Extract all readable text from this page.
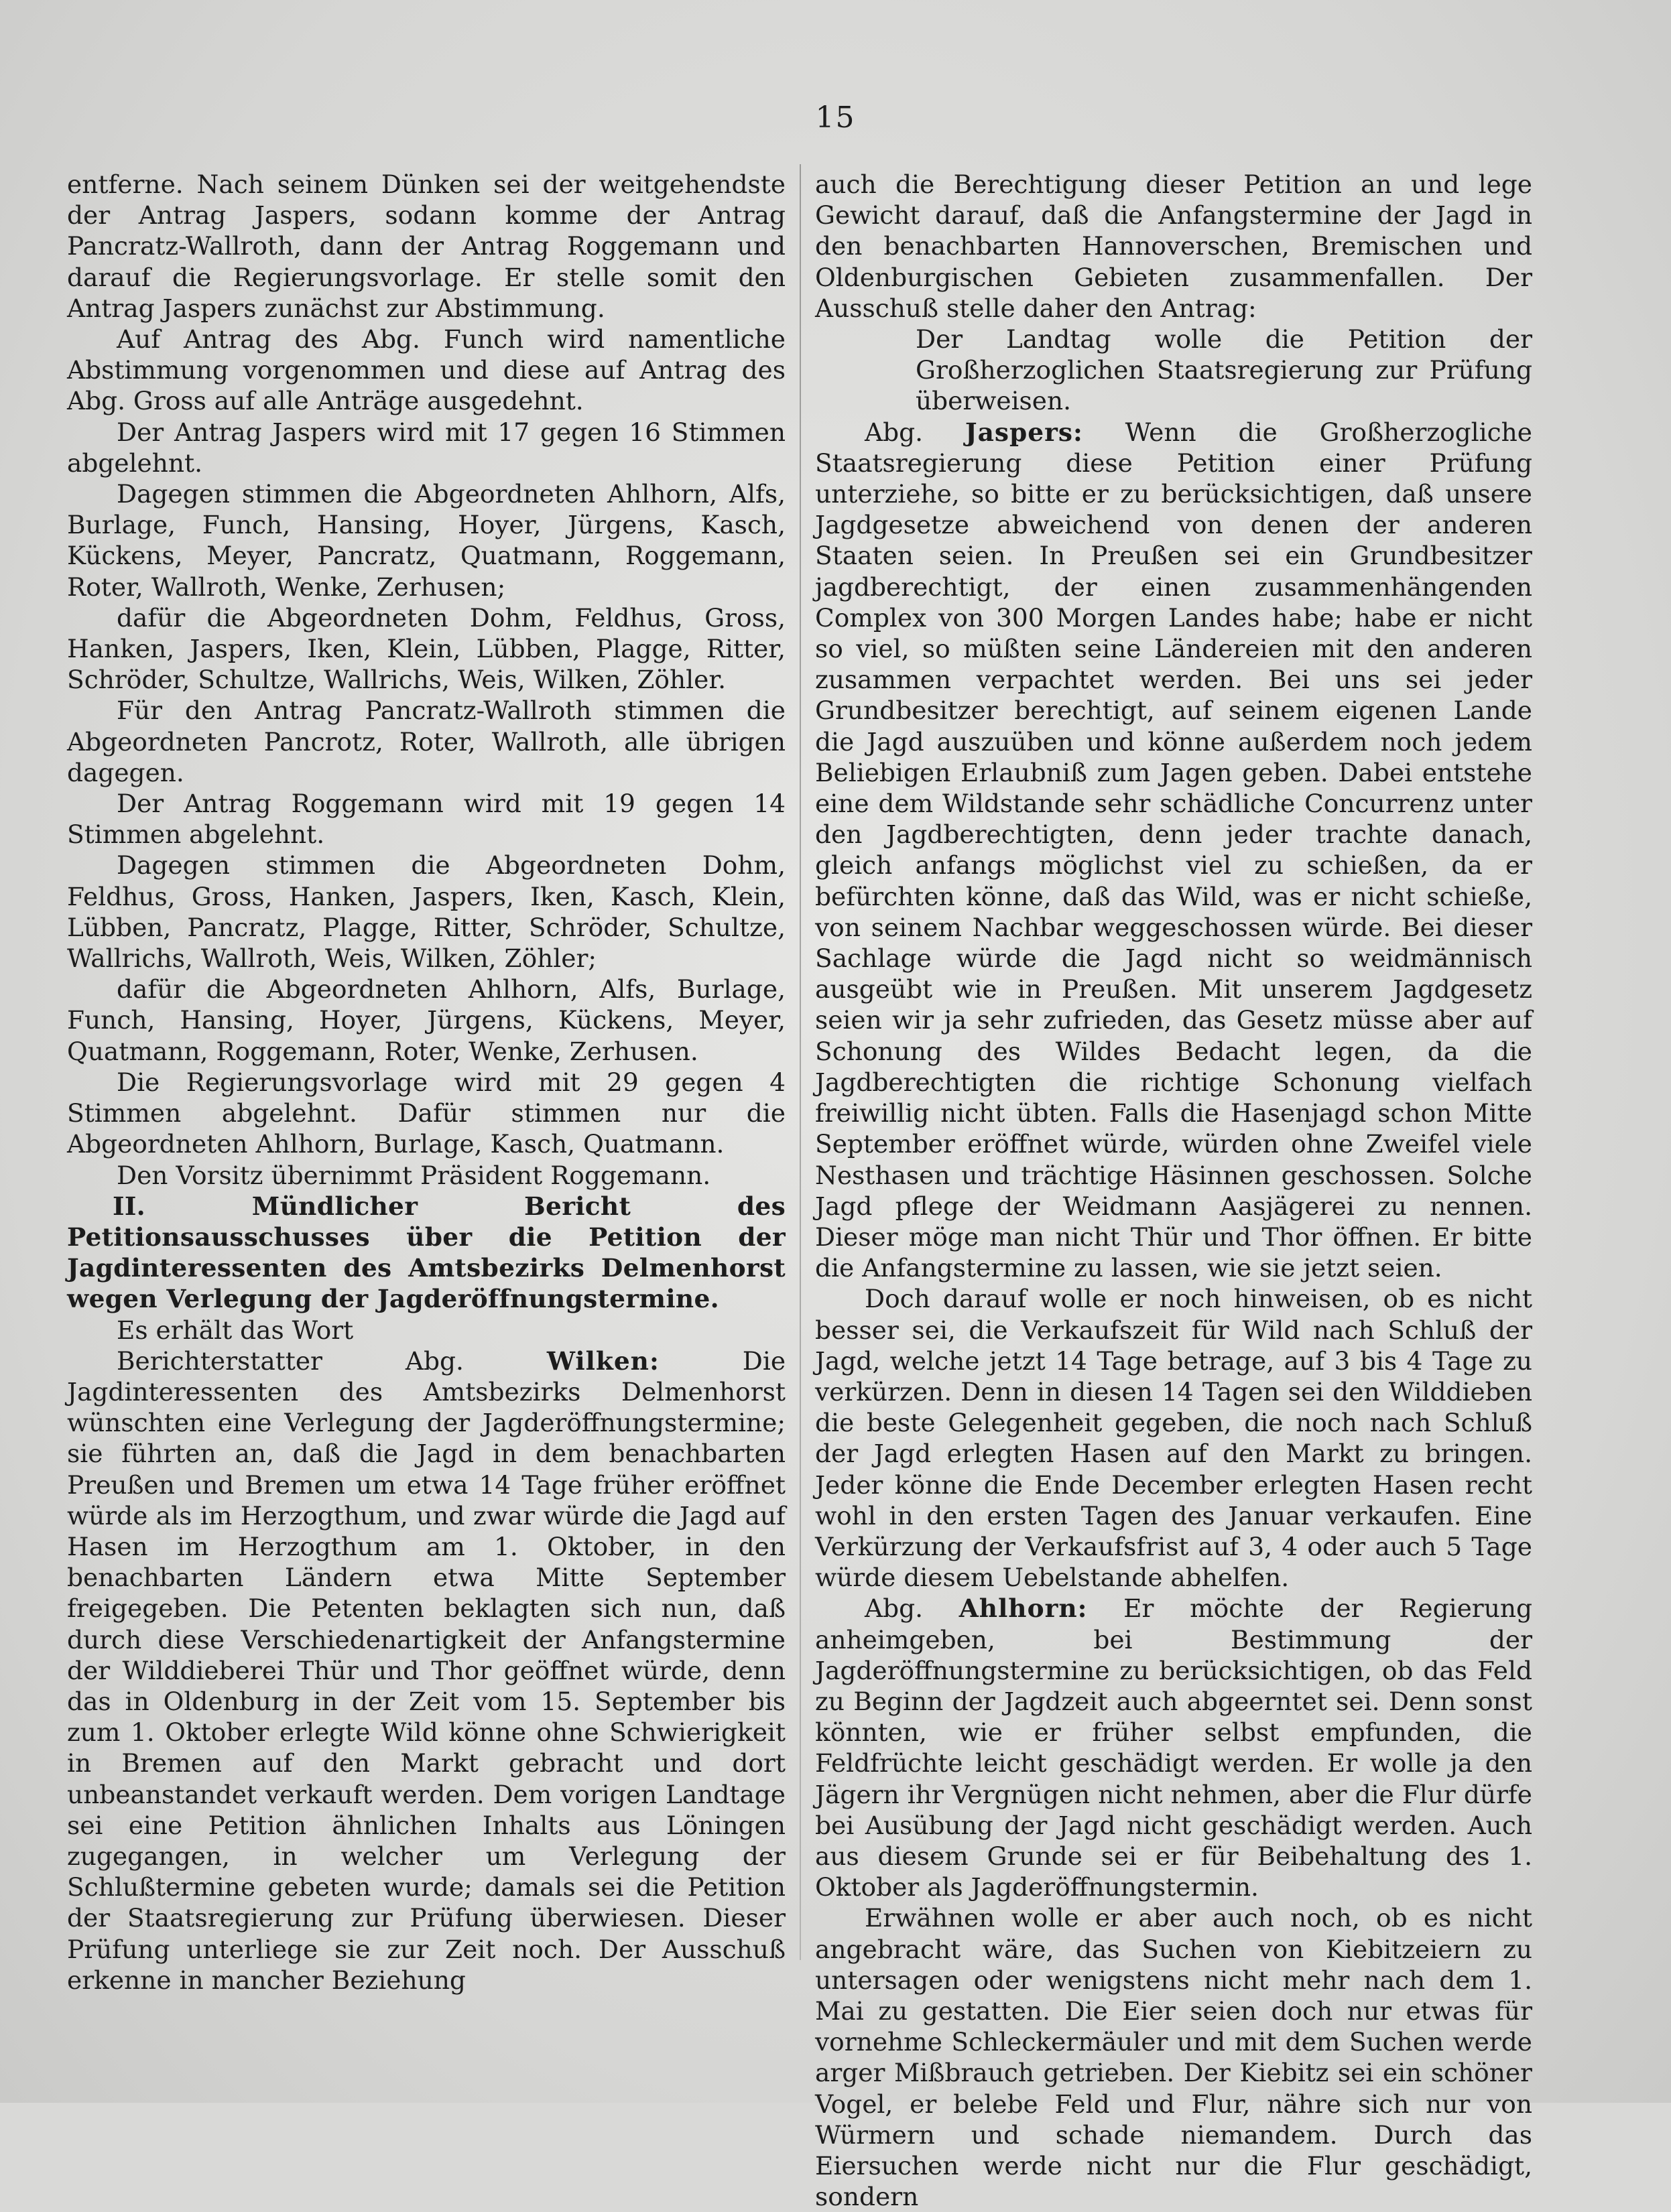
15

entferne. Nach seinem Dünken sei der weitgehendste der Antrag Jaspers, sodann komme der Antrag Pancratz-Wallroth, dann der Antrag Roggemann und darauf die Regierungsvorlage. Er stelle somit den Antrag Jaspers zunächst zur Abstimmung.

Auf Antrag des Abg. Funch wird namentliche Abstimmung vorgenommen und diese auf Antrag des Abg. Gross auf alle Anträge ausgedehnt.

Der Antrag Jaspers wird mit 17 gegen 16 Stimmen abgelehnt.

Dagegen stimmen die Abgeordneten Ahlhorn, Alfs, Burlage, Funch, Hansing, Hoyer, Jürgens, Kasch, Kückens, Meyer, Pancratz, Quatmann, Roggemann, Roter, Wallroth, Wenke, Zerhusen;

dafür die Abgeordneten Dohm, Feldhus, Gross, Hanken, Jaspers, Iken, Klein, Lübben, Plagge, Ritter, Schröder, Schultze, Wallrichs, Weis, Wilken, Zöhler.

Für den Antrag Pancratz-Wallroth stimmen die Abgeordneten Pancrotz, Roter, Wallroth, alle übrigen dagegen.

Der Antrag Roggemann wird mit 19 gegen 14 Stimmen abgelehnt.

Dagegen stimmen die Abgeordneten Dohm, Feldhus, Gross, Hanken, Jaspers, Iken, Kasch, Klein, Lübben, Pancratz, Plagge, Ritter, Schröder, Schultze, Wallrichs, Wallroth, Weis, Wilken, Zöhler;

dafür die Abgeordneten Ahlhorn, Alfs, Burlage, Funch, Hansing, Hoyer, Jürgens, Kückens, Meyer, Quatmann, Roggemann, Roter, Wenke, Zerhusen.

Die Regierungsvorlage wird mit 29 gegen 4 Stimmen abgelehnt. Dafür stimmen nur die Abgeordneten Ahlhorn, Burlage, Kasch, Quatmann.

Den Vorsitz übernimmt Präsident Roggemann.

II. Mündlicher Bericht des Petitionsausschusses über die Petition der Jagdinteressenten des Amtsbezirks Delmenhorst wegen Verlegung der Jagderöffnungstermine.

Es erhält das Wort

Berichterstatter Abg. Wilken: Die Jagdinteressenten des Amtsbezirks Delmenhorst wünschten eine Verlegung der Jagderöffnungstermine; sie führten an, daß die Jagd in dem benachbarten Preußen und Bremen um etwa 14 Tage früher eröffnet würde als im Herzogthum, und zwar würde die Jagd auf Hasen im Herzogthum am 1. Oktober, in den benachbarten Ländern etwa Mitte September freigegeben. Die Petenten beklagten sich nun, daß durch diese Verschiedenartigkeit der Anfangstermine der Wilddieberei Thür und Thor geöffnet würde, denn das in Oldenburg in der Zeit vom 15. September bis zum 1. Oktober erlegte Wild könne ohne Schwierigkeit in Bremen auf den Markt gebracht und dort unbeanstandet verkauft werden. Dem vorigen Landtage sei eine Petition ähnlichen Inhalts aus Löningen zugegangen, in welcher um Verlegung der Schlußtermine gebeten wurde; damals sei die Petition der Staatsregierung zur Prüfung überwiesen. Dieser Prüfung unterliege sie zur Zeit noch. Der Ausschuß erkenne in mancher Beziehung

auch die Berechtigung dieser Petition an und lege Gewicht darauf, daß die Anfangstermine der Jagd in den benachbarten Hannoverschen, Bremischen und Oldenburgischen Gebieten zusammenfallen. Der Ausschuß stelle daher den Antrag:

Der Landtag wolle die Petition der Großherzoglichen Staatsregierung zur Prüfung überweisen.

Abg. Jaspers: Wenn die Großherzogliche Staatsregierung diese Petition einer Prüfung unterziehe, so bitte er zu berücksichtigen, daß unsere Jagdgesetze abweichend von denen der anderen Staaten seien. In Preußen sei ein Grundbesitzer jagdberechtigt, der einen zusammenhängenden Complex von 300 Morgen Landes habe; habe er nicht so viel, so müßten seine Ländereien mit den anderen zusammen verpachtet werden. Bei uns sei jeder Grundbesitzer berechtigt, auf seinem eigenen Lande die Jagd auszuüben und könne außerdem noch jedem Beliebigen Erlaubniß zum Jagen geben. Dabei entstehe eine dem Wildstande sehr schädliche Concurrenz unter den Jagdberechtigten, denn jeder trachte danach, gleich anfangs möglichst viel zu schießen, da er befürchten könne, daß das Wild, was er nicht schieße, von seinem Nachbar weggeschossen würde. Bei dieser Sachlage würde die Jagd nicht so weidmännisch ausgeübt wie in Preußen. Mit unserem Jagdgesetz seien wir ja sehr zufrieden, das Gesetz müsse aber auf Schonung des Wildes Bedacht legen, da die Jagdberechtigten die richtige Schonung vielfach freiwillig nicht übten. Falls die Hasenjagd schon Mitte September eröffnet würde, würden ohne Zweifel viele Nesthasen und trächtige Häsinnen geschossen. Solche Jagd pflege der Weidmann Aasjägerei zu nennen. Dieser möge man nicht Thür und Thor öffnen. Er bitte die Anfangstermine zu lassen, wie sie jetzt seien.

Doch darauf wolle er noch hinweisen, ob es nicht besser sei, die Verkaufszeit für Wild nach Schluß der Jagd, welche jetzt 14 Tage betrage, auf 3 bis 4 Tage zu verkürzen. Denn in diesen 14 Tagen sei den Wilddieben die beste Gelegenheit gegeben, die noch nach Schluß der Jagd erlegten Hasen auf den Markt zu bringen. Jeder könne die Ende December erlegten Hasen recht wohl in den ersten Tagen des Januar verkaufen. Eine Verkürzung der Verkaufsfrist auf 3, 4 oder auch 5 Tage würde diesem Uebelstande abhelfen.

Abg. Ahlhorn: Er möchte der Regierung anheimgeben, bei Bestimmung der Jagderöffnungstermine zu berücksichtigen, ob das Feld zu Beginn der Jagdzeit auch abgeerntet sei. Denn sonst könnten, wie er früher selbst empfunden, die Feldfrüchte leicht geschädigt werden. Er wolle ja den Jägern ihr Vergnügen nicht nehmen, aber die Flur dürfe bei Ausübung der Jagd nicht geschädigt werden. Auch aus diesem Grunde sei er für Beibehaltung des 1. Oktober als Jagderöffnungstermin.

Erwähnen wolle er aber auch noch, ob es nicht angebracht wäre, das Suchen von Kiebitzeiern zu untersagen oder wenigstens nicht mehr nach dem 1. Mai zu gestatten. Die Eier seien doch nur etwas für vornehme Schleckermäuler und mit dem Suchen werde arger Mißbrauch getrieben. Der Kiebitz sei ein schöner Vogel, er belebe Feld und Flur, nähre sich nur von Würmern und schade niemandem. Durch das Eiersuchen werde nicht nur die Flur geschädigt, sondern
